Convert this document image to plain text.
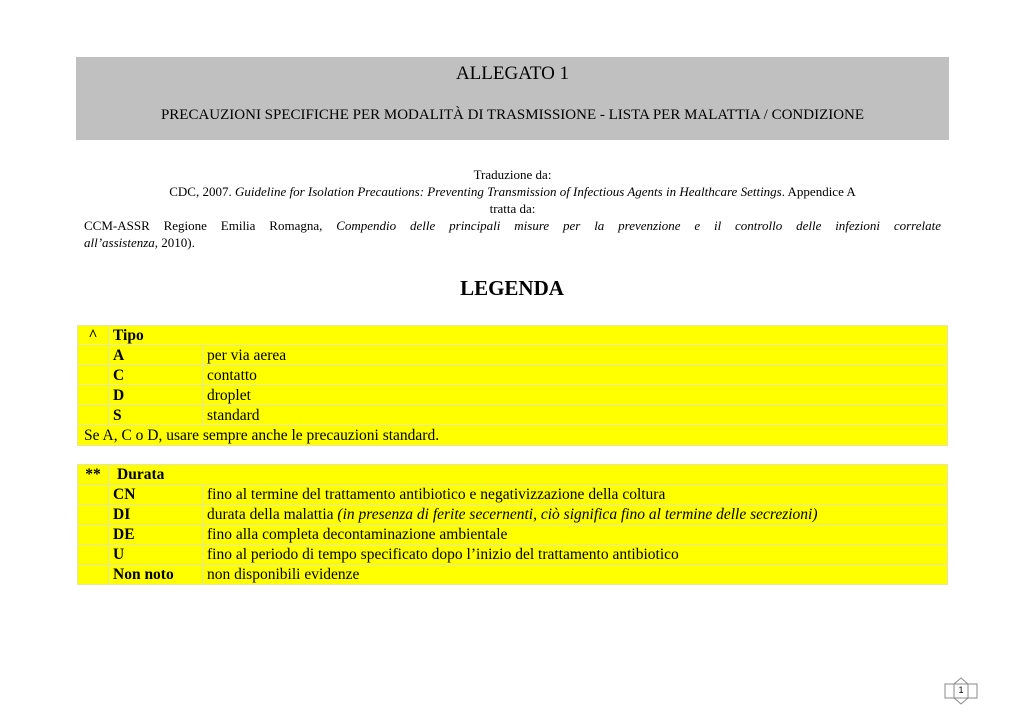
ALLEGATO 1
PRECAUZIONI SPECIFICHE PER MODALITÀ DI TRASMISSIONE - LISTA PER MALATTIA / CONDIZIONE
Traduzione da:
CDC, 2007. Guideline for Isolation Precautions: Preventing Transmission of Infectious Agents in Healthcare Settings. Appendice A
tratta da:
CCM-ASSR Regione Emilia Romagna, Compendio delle principali misure per la prevenzione e il controllo delle infezioni correlate
all’assistenza, 2010).
LEGENDA
^	Tipo	
	A	per via aerea
	C	contatto
	D	droplet
	S	standard
Se A, C o D, usare sempre anche le precauzioni standard.		
**	Durata	
	CN	fino al termine del trattamento antibiotico e negativizzazione della coltura
	DI	durata della malattia (in presenza di ferite secernenti, ciò significa fino al termine delle secrezioni)
	DE	fino alla completa decontaminazione ambientale
	U	fino al periodo di tempo specificato dopo l’inizio del trattamento antibiotico
	Non noto	non disponibili evidenze
1
